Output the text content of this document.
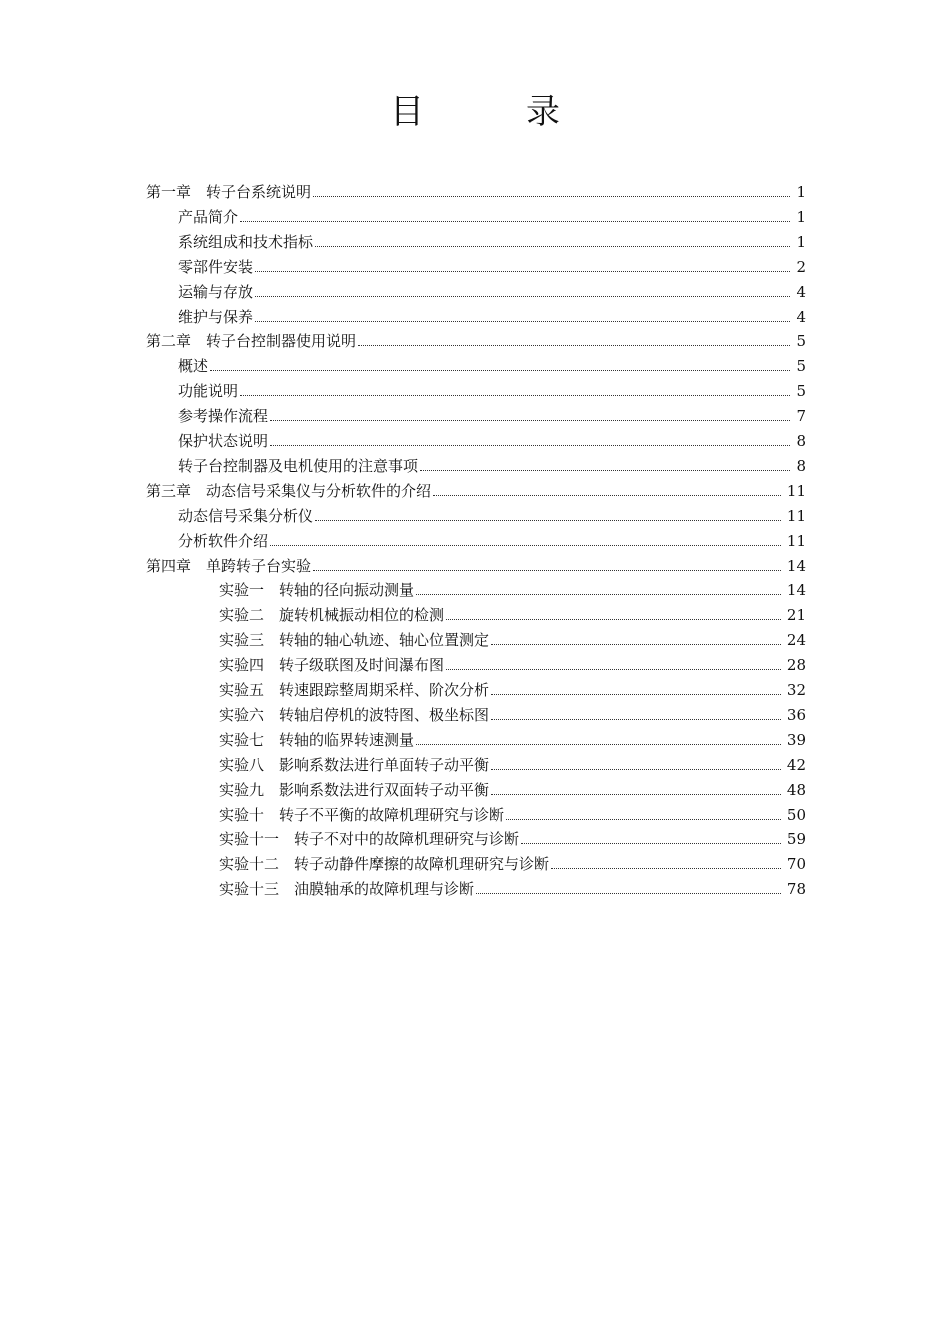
目　录
第一章　 转子台系统说明	1
产品简介	1
系统组成和技术指标	1
零部件安装	2
运输与存放	4
维护与保养	4
第二章　 转子台控制器使用说明	5
概述	5
功能说明	5
参考操作流程	7
保护状态说明	8
转子台控制器及电机使用的注意事项	8
第三章　 动态信号采集仪与分析软件的介绍	11
动态信号采集分析仪	11
分析软件介绍	11
第四章　 单跨转子台实验	14
实验一　 转轴的径向振动测量	14
实验二　 旋转机械振动相位的检测	21
实验三　 转轴的轴心轨迹、轴心位置测定	24
实验四　 转子级联图及时间瀑布图	28
实验五　 转速跟踪整周期采样、阶次分析	32
实验六　 转轴启停机的波特图、极坐标图	36
实验七　 转轴的临界转速测量	39
实验八　 影响系数法进行单面转子动平衡	42
实验九　 影响系数法进行双面转子动平衡	48
实验十　 转子不平衡的故障机理研究与诊断	50
实验十一　 转子不对中的故障机理研究与诊断	59
实验十二　 转子动静件摩擦的故障机理研究与诊断	70
实验十三　 油膜轴承的故障机理与诊断	78
